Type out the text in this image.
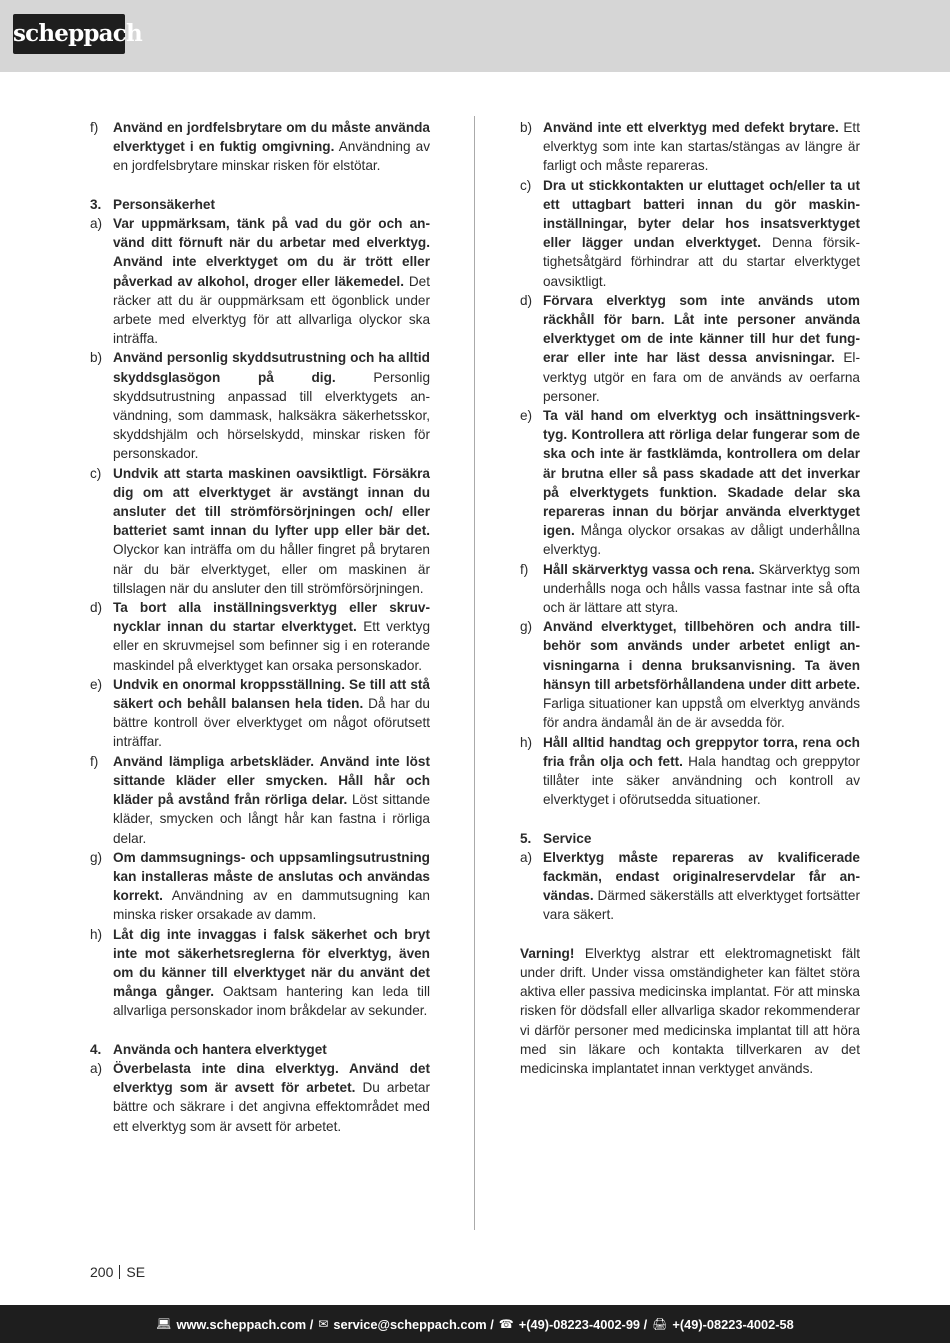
scheppach
f)	Använd en jordfelsbrytare om du måste använda elverktyget i en fuktig omgivning. Användning av en jordfelsbrytare minskar risken för elstötar.
3. Personsäkerhet
a) Var uppmärksam, tänk på vad du gör och använd ditt förnuft när du arbetar med elverktyg. Använd inte elverktyget om du är trött eller påverkad av alkohol, droger eller läkemedel. Det räcker att du är ouppmärksam ett ögonblick under arbete med elverktyg för att allvarliga olyckor ska inträffa.
b) Använd personlig skyddsutrustning och ha alltid skyddsglasögon på dig. Personlig skyddsutrustning anpassad till elverktygets användning, som dammask, halksäkra säkerhetsskor, skyddshjälm och hörselskydd, minskar risken för personskador.
c) Undvik att starta maskinen oavsiktligt. Försäkra dig om att elverktyget är avstängt innan du ansluter det till strömförsörjningen och/ eller batteriet samt innan du lyfter upp eller bär det. Olyckor kan inträffa om du håller fingret på brytaren när du bär elverktyget, eller om maskinen är tillslagen när du ansluter den till strömförsörjningen.
d) Ta bort alla inställningsverktyg eller skruvnycklar innan du startar elverktyget. Ett verktyg eller en skruvmejsel som befinner sig i en roterande maskindel på elverktyget kan orsaka personskador.
e) Undvik en onormal kroppsställning. Se till att stå säkert och behåll balansen hela tiden. Då har du bättre kontroll över elverktyget om något oförutsett inträffar.
f)	Använd lämpliga arbetskläder. Använd inte löst sittande kläder eller smycken. Håll hår och kläder på avstånd från rörliga delar. Löst sittande kläder, smycken och långt hår kan fastna i rörliga delar.
g) Om dammsugnings- och uppsamlingsutrustning kan installeras måste de anslutas och användas korrekt. Användning av en dammutsugning kan minska risker orsakade av damm.
h) Låt dig inte invaggas i falsk säkerhet och bryt inte mot säkerhetsreglerna för elverktyg, även om du känner till elverktyget när du använt det många gånger. Oaktsam hantering kan leda till allvarliga personskador inom bråkdelar av sekunder.
4. Använda och hantera elverktyget
a) Överbelasta inte dina elverktyg. Använd det elverktyg som är avsett för arbetet. Du arbetar bättre och säkrare i det angivna effektområdet med ett elverktyg som är avsett för arbetet.
b) Använd inte ett elverktyg med defekt brytare. Ett elverktyg som inte kan startas/stängas av längre är farligt och måste repareras.
c) Dra ut stickkontakten ur eluttaget och/eller ta ut ett uttagbart batteri innan du gör maskininställningar, byter delar hos insatsverktyget eller lägger undan elverktyget. Denna försiktighetsåtgärd förhindrar att du startar elverktyget oavsiktligt.
d) Förvara elverktyg som inte används utom räckhåll för barn. Låt inte personer använda elverktyget om de inte känner till hur det fungerar eller inte har läst dessa anvisningar. Elverktyg utgör en fara om de används av oerfarna personer.
e) Ta väl hand om elverktyg och insättningsverktyg. Kontrollera att rörliga delar fungerar som de ska och inte är fastklämda, kontrollera om delar är brutna eller så pass skadade att det inverkar på elverktygets funktion. Skadade delar ska repareras innan du börjar använda elverktyget igen. Många olyckor orsakas av dåligt underhållna elverktyg.
f)	Håll skärverktyg vassa och rena. Skärverktyg som underhålls noga och hålls vassa fastnar inte så ofta och är lättare att styra.
g) Använd elverktyget, tillbehören och andra tillbehör som används under arbetet enligt anvisningarna i denna bruksanvisning. Ta även hänsyn till arbetsförhållandena under ditt arbete. Farliga situationer kan uppstå om elverktyg används för andra ändamål än de är avsedda för.
h) Håll alltid handtag och greppytor torra, rena och fria från olja och fett. Hala handtag och greppytor tillåter inte säker användning och kontroll av elverktyget i oförutsedda situationer.
5. Service
a) Elverktyg måste repareras av kvalificerade fackmän, endast originalreservdelar får användas. Därmed säkerställs att elverktyget fortsätter vara säkert.
Varning! Elverktyg alstrar ett elektromagnetiskt fält under drift. Under vissa omständigheter kan fältet störa aktiva eller passiva medicinska implantat. För att minska risken för dödsfall eller allvarliga skador rekommenderar vi därför personer med medicinska implantat till att höra med sin läkare och kontakta tillverkaren av det medicinska implantatet innan verktyget används.
200 SE
💻︎ www.scheppach.com / ✉︎ service@scheppach.com / ☎︎ +(49)-08223-4002-99 / 🖨︎ +(49)-08223-4002-58
